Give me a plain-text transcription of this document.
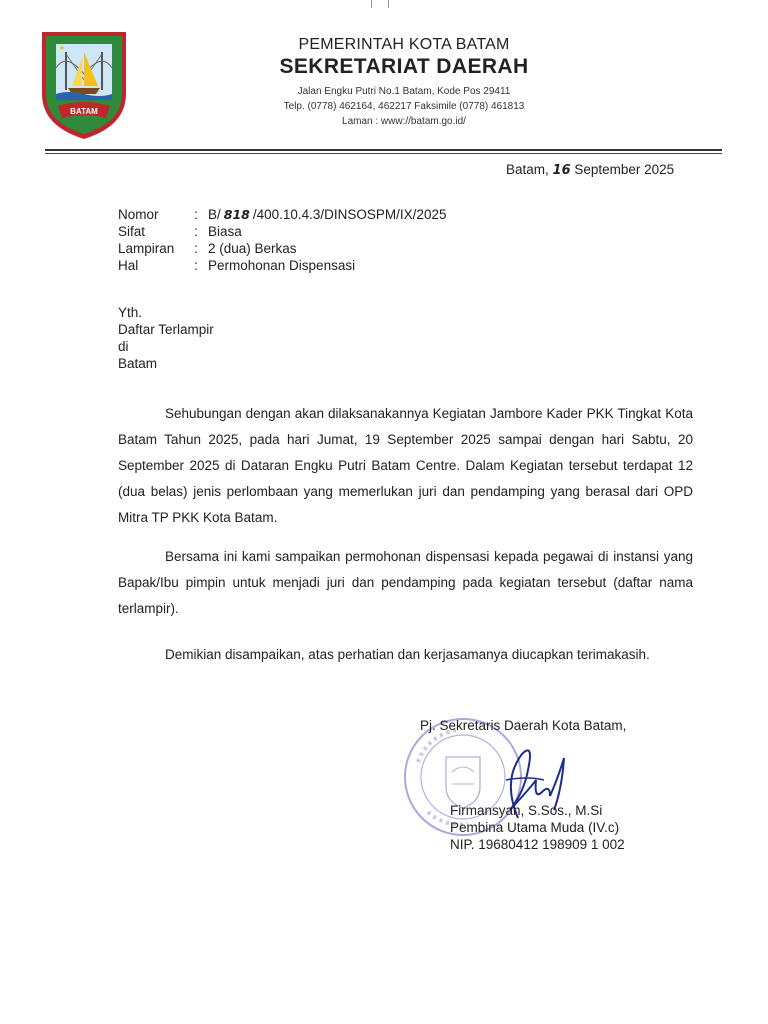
BATAM
PEMERINTAH KOTA BATAM
SEKRETARIAT DAERAH
Jalan Engku Putri No.1 Batam, Kode Pos 29411
Telp. (0778) 462164, 462217 Faksimile (0778) 461813
Laman : www://batam.go.id/
Batam, 16 September 2025
Nomor	: B/ 818 /400.10.4.3/DINSOSPM/IX/2025
Sifat	: Biasa
Lampiran	: 2 (dua) Berkas
Hal	: Permohonan Dispensasi
Yth.
Daftar Terlampir
di
Batam

Sehubungan dengan akan dilaksanakannya Kegiatan Jambore Kader PKK Tingkat Kota Batam Tahun 2025, pada hari Jumat, 19 September 2025 sampai dengan hari Sabtu, 20 September 2025 di Dataran Engku Putri Batam Centre. Dalam Kegiatan tersebut terdapat 12 (dua belas) jenis perlombaan yang memerlukan juri dan pendamping yang berasal dari OPD Mitra TP PKK Kota Batam.

Bersama ini kami sampaikan permohonan dispensasi kepada pegawai di instansi yang Bapak/Ibu pimpin untuk menjadi juri dan pendamping pada kegiatan tersebut (daftar nama terlampir).

Demikian disampaikan, atas perhatian dan kerjasamanya diucapkan terimakasih.

Pj. Sekretaris Daerah Kota Batam,
Firmansyah, S.Sos., M.Si
Pembina Utama Muda (IV.c)
NIP. 19680412 198909 1 002
